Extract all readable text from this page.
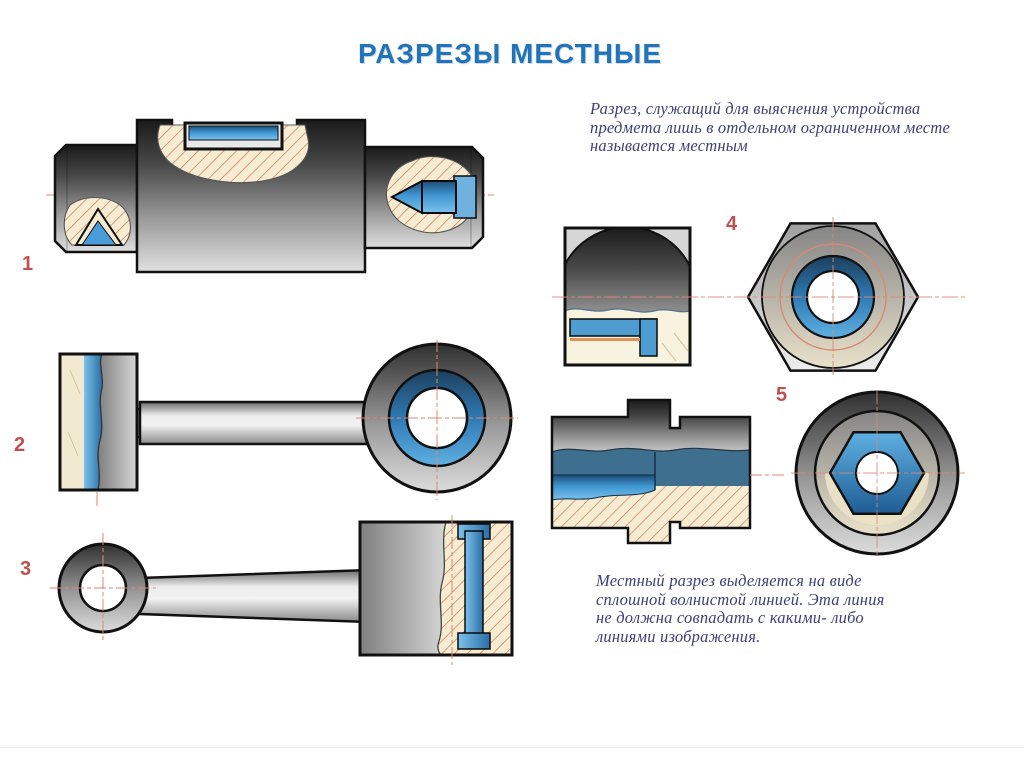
РАЗРЕЗЫ МЕСТНЫЕ
Разрез, служащий для выяснения устройства
предмета лишь в отдельном ограниченном месте
называется местным
Местный разрез выделяется на виде
сплошной волнистой линией. Эта линия
не должна совпадать с какими- либо
линиями изображения.
1
2
3
4
5
